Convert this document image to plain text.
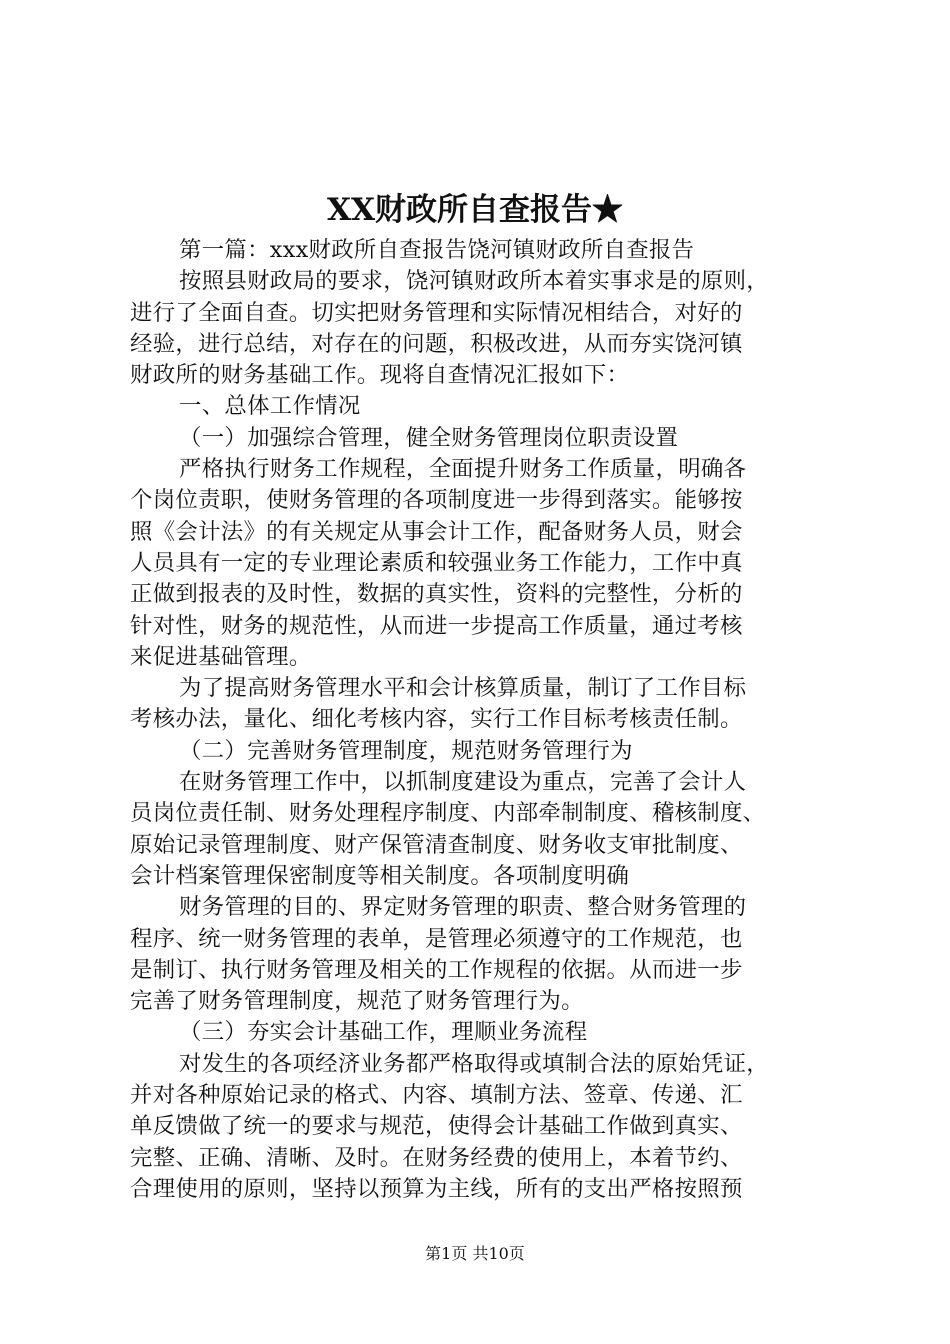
XX财政所自查报告★
第一篇：xxx财政所自查报告饶河镇财政所自查报告
按照县财政局的要求，饶河镇财政所本着实事求是的原则，
进行了全面自查。切实把财务管理和实际情况相结合，对好的
经验，进行总结，对存在的问题，积极改进，从而夯实饶河镇
财政所的财务基础工作。现将自查情况汇报如下：
一、总体工作情况
（一）加强综合管理，健全财务管理岗位职责设置
严格执行财务工作规程，全面提升财务工作质量，明确各
个岗位责职，使财务管理的各项制度进一步得到落实。能够按
照《会计法》的有关规定从事会计工作，配备财务人员，财会
人员具有一定的专业理论素质和较强业务工作能力，工作中真
正做到报表的及时性，数据的真实性，资料的完整性，分析的
针对性，财务的规范性，从而进一步提高工作质量，通过考核
来促进基础管理。
为了提高财务管理水平和会计核算质量，制订了工作目标
考核办法，量化、细化考核内容，实行工作目标考核责任制。
（二）完善财务管理制度，规范财务管理行为
在财务管理工作中，以抓制度建设为重点，完善了会计人
员岗位责任制、财务处理程序制度、内部牵制制度、稽核制度、
原始记录管理制度、财产保管清查制度、财务收支审批制度、
会计档案管理保密制度等相关制度。各项制度明确
财务管理的目的、界定财务管理的职责、整合财务管理的
程序、统一财务管理的表单，是管理必须遵守的工作规范，也
是制订、执行财务管理及相关的工作规程的依据。从而进一步
完善了财务管理制度，规范了财务管理行为。
（三）夯实会计基础工作，理顺业务流程
对发生的各项经济业务都严格取得或填制合法的原始凭证，
并对各种原始记录的格式、内容、填制方法、签章、传递、汇
单反馈做了统一的要求与规范，使得会计基础工作做到真实、
完整、正确、清晰、及时。在财务经费的使用上，本着节约、
合理使用的原则，坚持以预算为主线，所有的支出严格按照预
第1页 共10页
